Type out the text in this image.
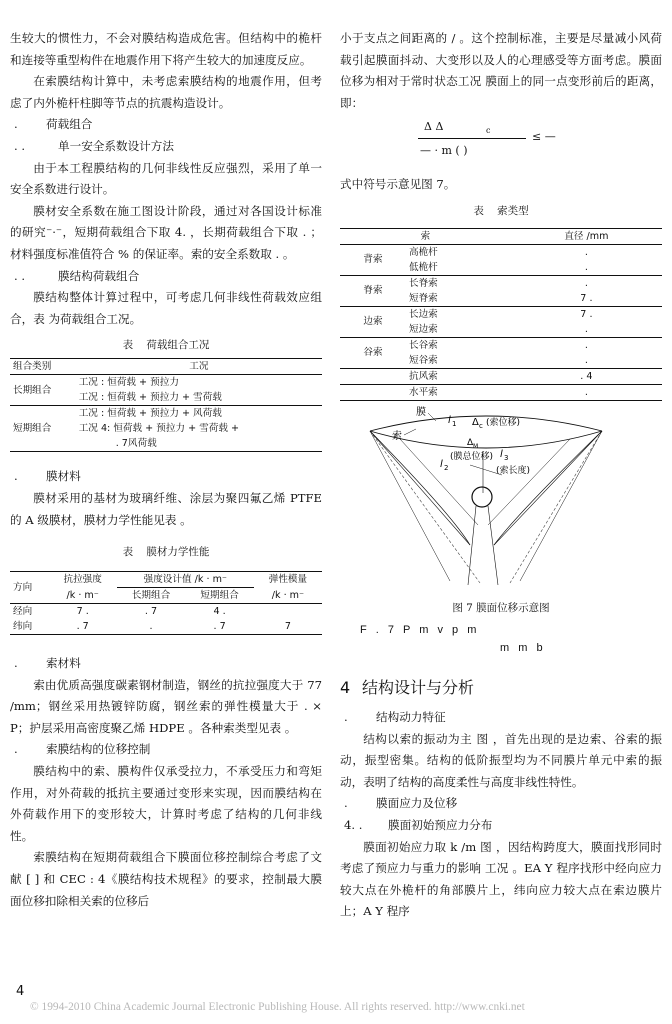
生较大的惯性力，不会对膜结构造成危害。但结构中的桅杆和连接等重型构件在地震作用下将产生较大的加速度反应。

在索膜结构计算中，未考虑索膜结构的地震作用，但考虑了内外桅杆柱脚等节点的抗震构造设计。

. 荷载组合

. .	单一安全系数设计方法

由于本工程膜结构的几何非线性反应强烈，采用了单一安全系数进行设计。

膜材安全系数在施工图设计阶段，通过对各国设计标准的研究⁻·⁻，短期荷载组合下取 4. ，长期荷载组合下取 . ；材料强度标准值符合 % 的保证率。索的安全系数取 . 。

. .	膜结构荷载组合

膜结构整体计算过程中，可考虑几何非线性荷载效应组合，表 为荷载组合工况。

表 荷载组合工况

组合类别	工况
长期组合	工况 : 恒荷载 + 预拉力
	工况 : 恒荷载 + 预拉力 + 雪荷载
短期组合	工况 : 恒荷载 + 预拉力 + 风荷载
	工况 4: 恒荷载 + 预拉力 + 雪荷载 +
	. 7风荷载

. 膜材料

膜材采用的基材为玻璃纤维、涂层为聚四氟乙烯 PTFE 的 A 级膜材，膜材力学性能见表 。

表 膜材力学性能

方向	抗拉强度	强度设计值 /k · m⁻		弹性模量
	/k · m⁻	长期组合	短期组合	/k · m⁻
经向	7 .	. 7	4 .	
纬向	. 7	.	. 7	7

. 索材料

索由优质高强度碳素钢材制造，钢丝的抗拉强度大于 77 /mm；钢丝采用热镀锌防腐，钢丝索的弹性模量大于 . × P；护层采用高密度聚乙烯 HDPE 。各种索类型见表 。

. 索膜结构的位移控制

膜结构中的索、膜构件仅承受拉力，不承受压力和弯矩作用，对外荷载的抵抗主要通过变形来实现，因而膜结构在外荷载作用下的变形较大，计算时考虑了结构的几何非线性。

索膜结构在短期荷载组合下膜面位移控制综合考虑了文献 [ ] 和 CEC : 4《膜结构技术规程》的要求，控制最大膜面位移扣除相关索的位移后

小于支点之间距离的 / 。这个控制标准，主要是尽量减小风荷载引起膜面抖动、大变形以及人的心理感受等方面考虑。膜面位移为相对于常时状态工况 膜面上的同一点变形前后的距离，即：

Δ Δ	c	≤ —
— · m ( )

式中符号示意见图 7。

表 索类型

索		直径 /mm
背索	高桅杆	.
	低桅杆	.
脊索	长脊索	.
	短脊索	7 .
边索	长边索	7 .
	短边索	.
谷索	长谷索	.
	短谷索	.
	抗风索	. 4
	水平索	.
膜
索
l 1 Δ c (索位移)
Δ M
(膜总位移)
l 2
l 3
(索长度)

图 7 膜面位移示意图

F . 7 P m v p m

m m b

4 结构设计与分析

. 结构动力特征

结构以索的振动为主 图 ，首先出现的是边索、谷索的振动，振型密集。结构的低阶振型均为不同膜片单元中索的振动，表明了结构的高度柔性与高度非线性特性。

. 膜面应力及位移

4. . 膜面初始预应力分布

膜面初始应力取 k /m 图 ，因结构跨度大，膜面找形同时考虑了预应力与重力的影响 工况 。EA Y 程序找形中经向应力较大点在外桅杆的角部膜片上，纬向应力较大点在索边膜片上；A Y 程序

4
© 1994-2010 China Academic Journal Electronic Publishing House. All rights reserved. http://www.cnki.net
